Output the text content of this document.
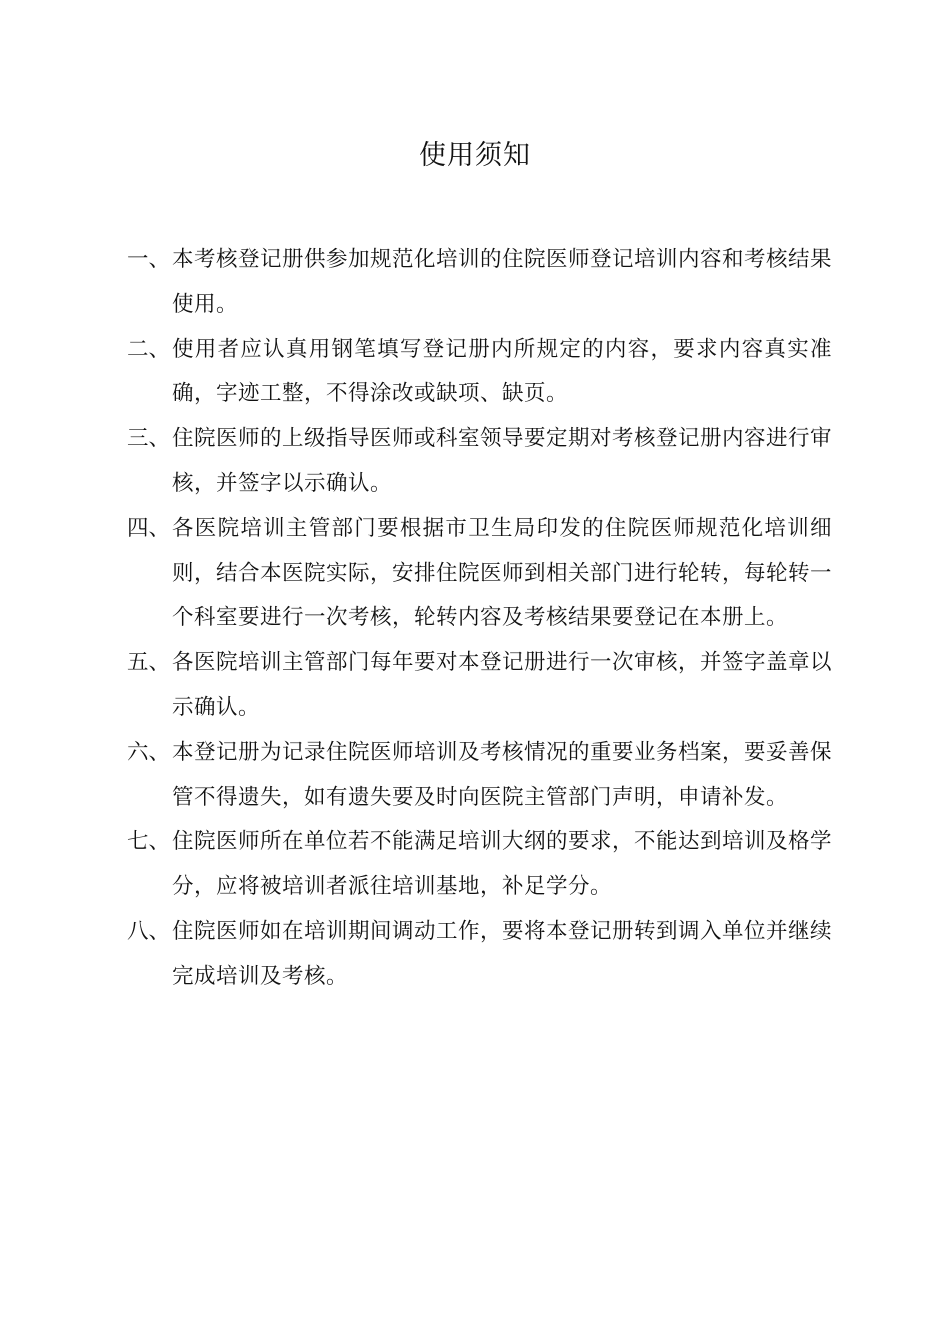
使用须知
一、 本考核登记册供参加规范化培训的住院医师登记培训内容和考核结果使用。
二、 使用者应认真用钢笔填写登记册内所规定的内容，要求内容真实准确，字迹工整，不得涂改或缺项、缺页。
三、 住院医师的上级指导医师或科室领导要定期对考核登记册内容进行审核，并签字以示确认。
四、 各医院培训主管部门要根据市卫生局印发的住院医师规范化培训细则，结合本医院实际，安排住院医师到相关部门进行轮转，每轮转一个科室要进行一次考核，轮转内容及考核结果要登记在本册上。
五、 各医院培训主管部门每年要对本登记册进行一次审核，并签字盖章以示确认。
六、 本登记册为记录住院医师培训及考核情况的重要业务档案，要妥善保管不得遗失，如有遗失要及时向医院主管部门声明，申请补发。
七、 住院医师所在单位若不能满足培训大纲的要求，不能达到培训及格学分，应将被培训者派往培训基地，补足学分。
八、 住院医师如在培训期间调动工作，要将本登记册转到调入单位并继续完成培训及考核。
